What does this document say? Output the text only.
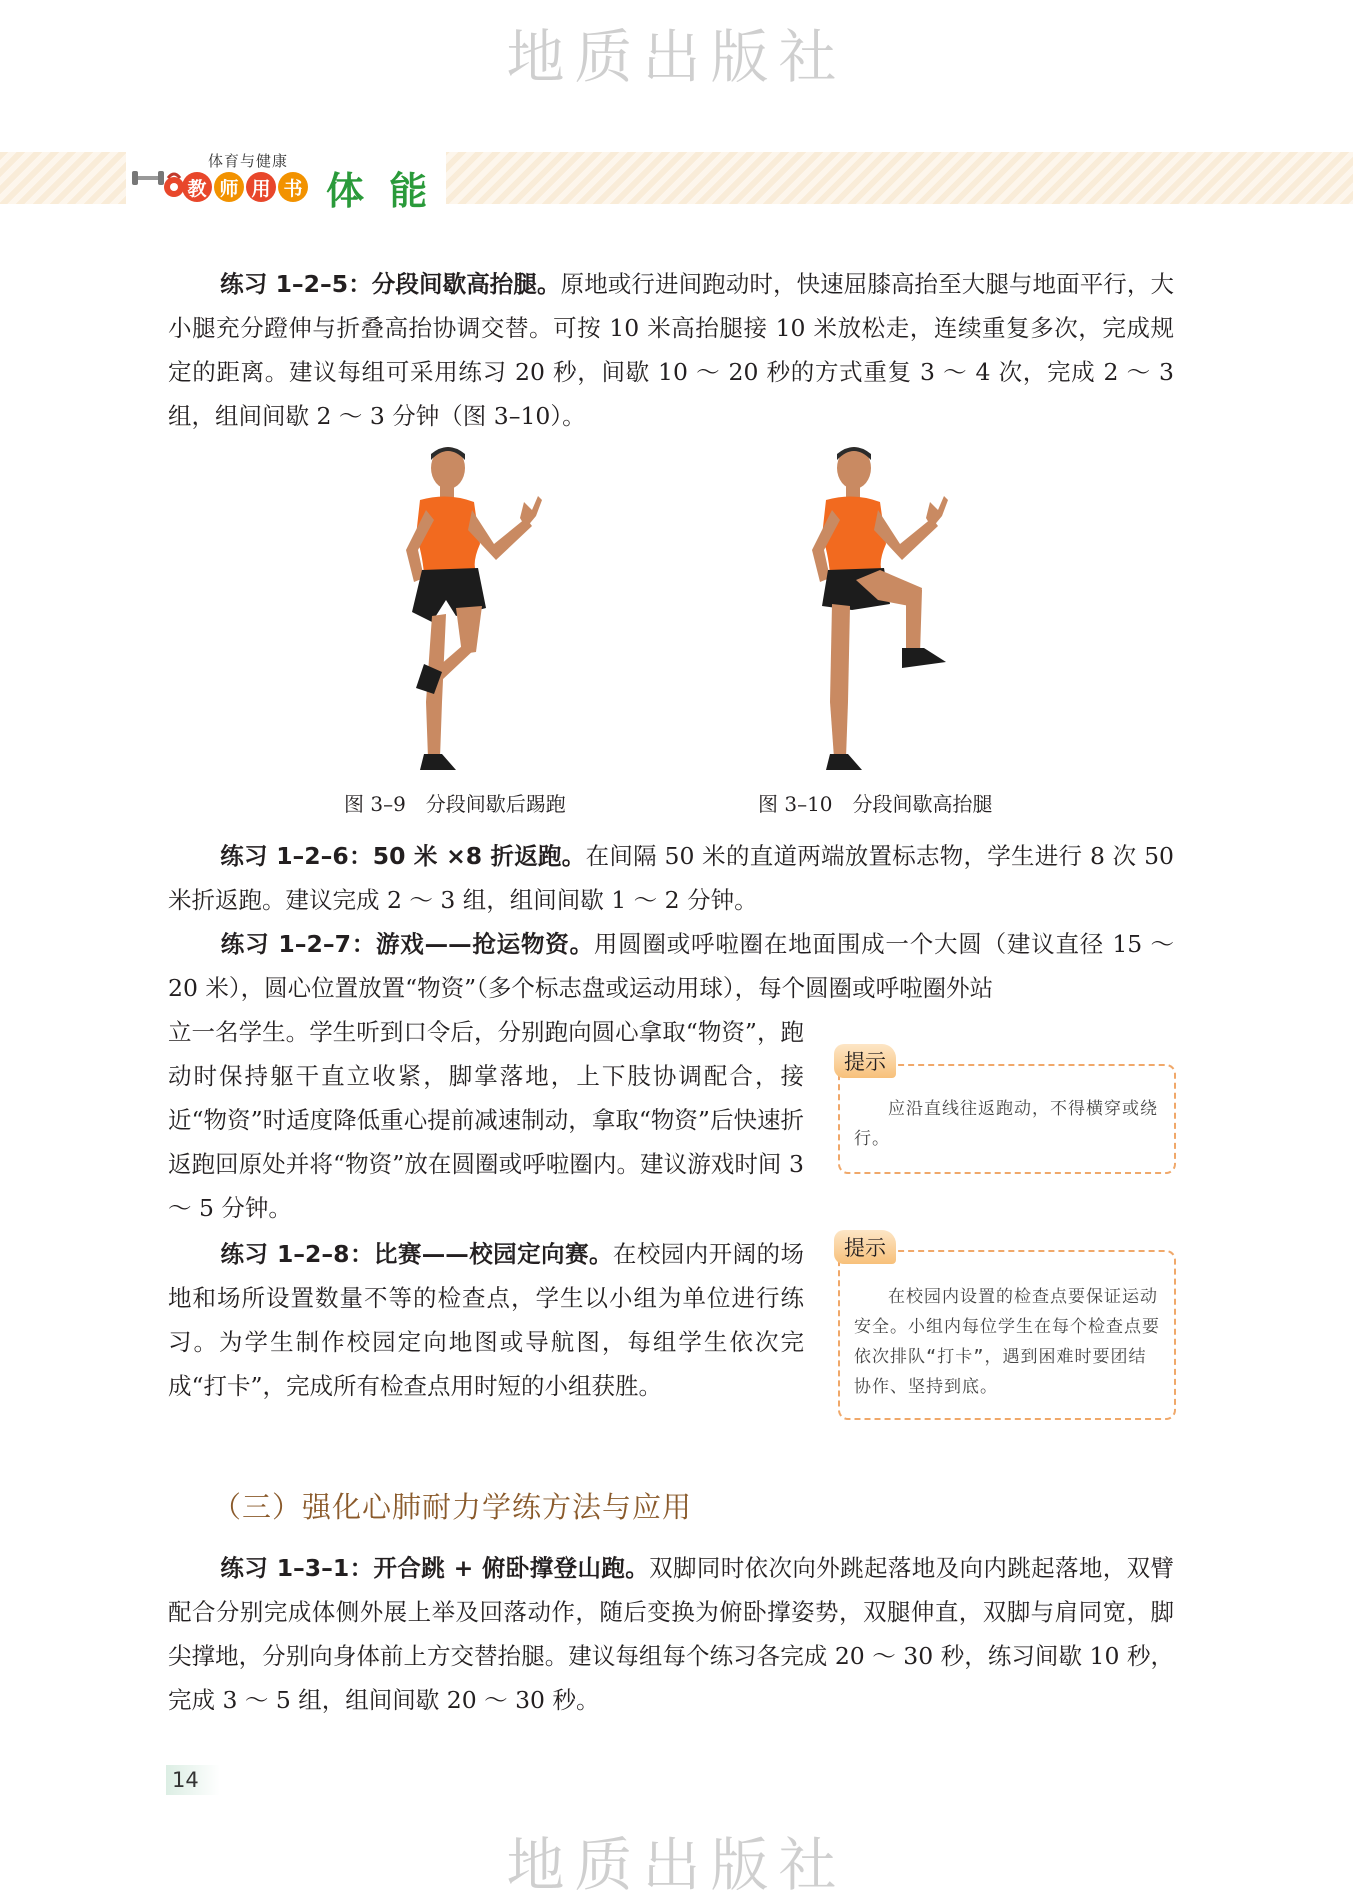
地质出版社
体育与健康
教 师 用 书 体 能
练习 1–2–5：分段间歇高抬腿。原地或行进间跑动时，快速屈膝高抬至大腿与地面平行，大小腿充分蹬伸与折叠高抬协调交替。可按 10 米高抬腿接 10 米放松走，连续重复多次，完成规定的距离。建议每组可采用练习 20 秒，间歇 10 ～ 20 秒的方式重复 3 ～ 4 次，完成 2 ～ 3 组，组间间歇 2 ～ 3 分钟（图 3–10）。
图 3–9　分段间歇后踢跑	图 3–10　分段间歇高抬腿
练习 1–2–6：50 米 ×8 折返跑。在间隔 50 米的直道两端放置标志物，学生进行 8 次 50 米折返跑。建议完成 2 ～ 3 组，组间间歇 1 ～ 2 分钟。
练习 1–2–7：游戏——抢运物资。用圆圈或呼啦圈在地面围成一个大圆（建议直径 15 ～ 20 米），圆心位置放置“物资”（多个标志盘或运动用球），每个圆圈或呼啦圈外站
立一名学生。学生听到口令后，分别跑向圆心拿取“物资”，跑动时保持躯干直立收紧，脚掌落地，上下肢协调配合，接近“物资”时适度降低重心提前减速制动，拿取“物资”后快速折返跑回原处并将“物资”放在圆圈或呼啦圈内。建议游戏时间 3 ～ 5 分钟。
提示
应沿直线往返跑动，不得横穿或绕行。
练习 1–2–8：比赛——校园定向赛。在校园内开阔的场地和场所设置数量不等的检查点，学生以小组为单位进行练习。为学生制作校园定向地图或导航图，每组学生依次完成“打卡”，完成所有检查点用时短的小组获胜。
提示
在校园内设置的检查点要保证运动安全。小组内每位学生在每个检查点要依次排队“打卡”，遇到困难时要团结协作、坚持到底。
（三）强化心肺耐力学练方法与应用
练习 1–3–1：开合跳 + 俯卧撑登山跑。双脚同时依次向外跳起落地及向内跳起落地，双臂配合分别完成体侧外展上举及回落动作，随后变换为俯卧撑姿势，双腿伸直，双脚与肩同宽，脚尖撑地，分别向身体前上方交替抬腿。建议每组每个练习各完成 20 ～ 30 秒，练习间歇 10 秒，完成 3 ～ 5 组，组间间歇 20 ～ 30 秒。
14
地质出版社
